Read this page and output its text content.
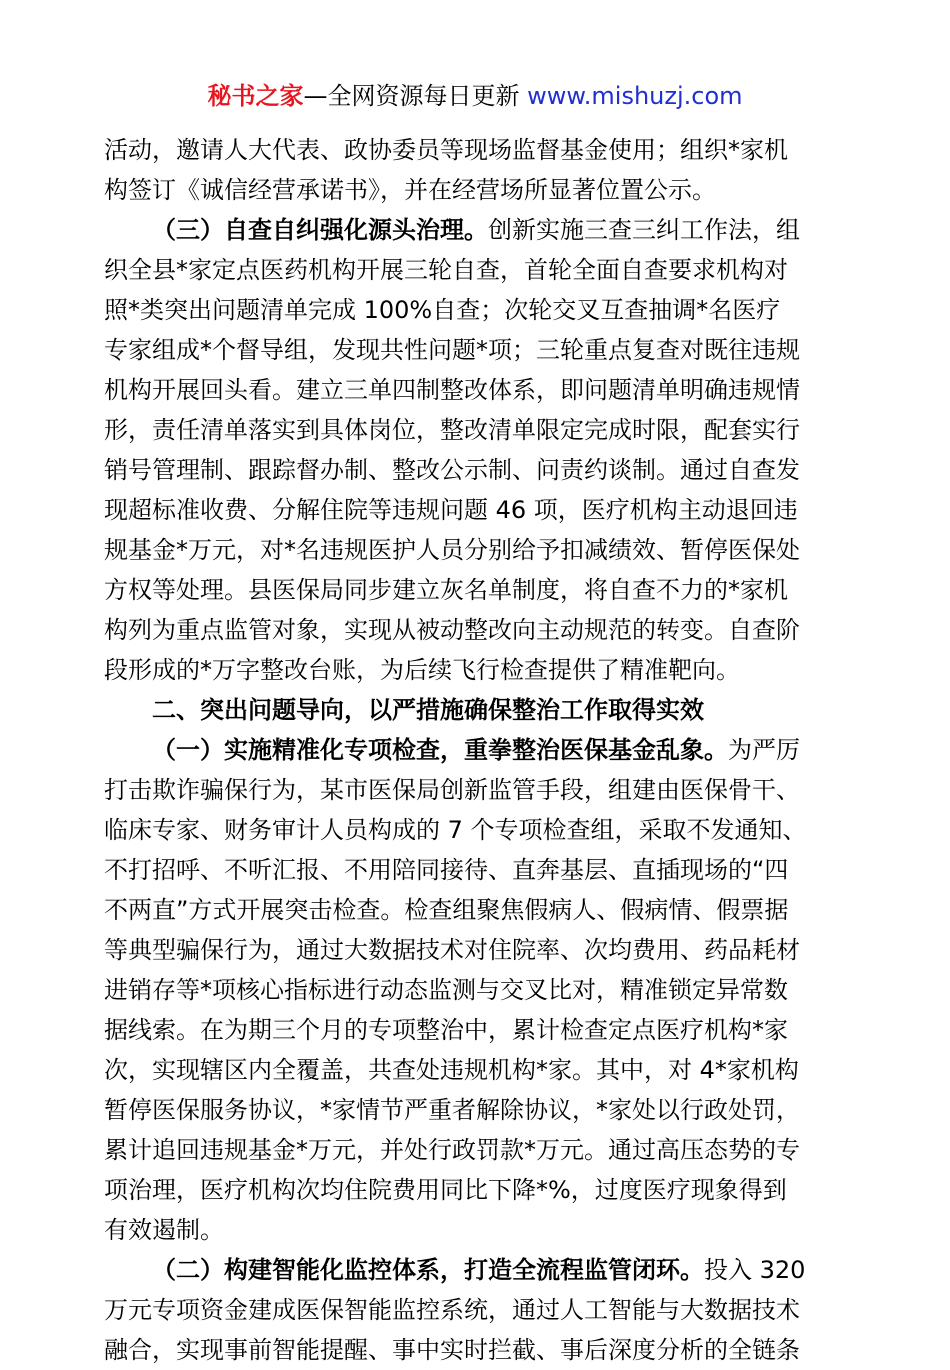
秘书之家—全网资源每日更新 www.mishuzj.com
活动，邀请人大代表、政协委员等现场监督基金使用；组织*家机
构签订《诚信经营承诺书》，并在经营场所显著位置公示。
（三）自查自纠强化源头治理。创新实施三查三纠工作法，组
织全县*家定点医药机构开展三轮自查，首轮全面自查要求机构对
照*类突出问题清单完成 100%自查；次轮交叉互查抽调*名医疗
专家组成*个督导组，发现共性问题*项；三轮重点复查对既往违规
机构开展回头看。建立三单四制整改体系，即问题清单明确违规情
形，责任清单落实到具体岗位，整改清单限定完成时限，配套实行
销号管理制、跟踪督办制、整改公示制、问责约谈制。通过自查发
现超标准收费、分解住院等违规问题 46 项，医疗机构主动退回违
规基金*万元，对*名违规医护人员分别给予扣减绩效、暂停医保处
方权等处理。县医保局同步建立灰名单制度，将自查不力的*家机
构列为重点监管对象，实现从被动整改向主动规范的转变。自查阶
段形成的*万字整改台账，为后续飞行检查提供了精准靶向。
二、突出问题导向，以严措施确保整治工作取得实效
（一）实施精准化专项检查，重拳整治医保基金乱象。为严厉
打击欺诈骗保行为，某市医保局创新监管手段，组建由医保骨干、
临床专家、财务审计人员构成的 7 个专项检查组，采取不发通知、
不打招呼、不听汇报、不用陪同接待、直奔基层、直插现场的“四
不两直”方式开展突击检查。检查组聚焦假病人、假病情、假票据
等典型骗保行为，通过大数据技术对住院率、次均费用、药品耗材
进销存等*项核心指标进行动态监测与交叉比对，精准锁定异常数
据线索。在为期三个月的专项整治中，累计检查定点医疗机构*家
次，实现辖区内全覆盖，共查处违规机构*家。其中，对 4*家机构
暂停医保服务协议，*家情节严重者解除协议，*家处以行政处罚，
累计追回违规基金*万元，并处行政罚款*万元。通过高压态势的专
项治理，医疗机构次均住院费用同比下降*%，过度医疗现象得到
有效遏制。
（二）构建智能化监控体系，打造全流程监管闭环。投入 320
万元专项资金建成医保智能监控系统，通过人工智能与大数据技术
融合，实现事前智能提醒、事中实时拦截、事后深度分析的全链条
